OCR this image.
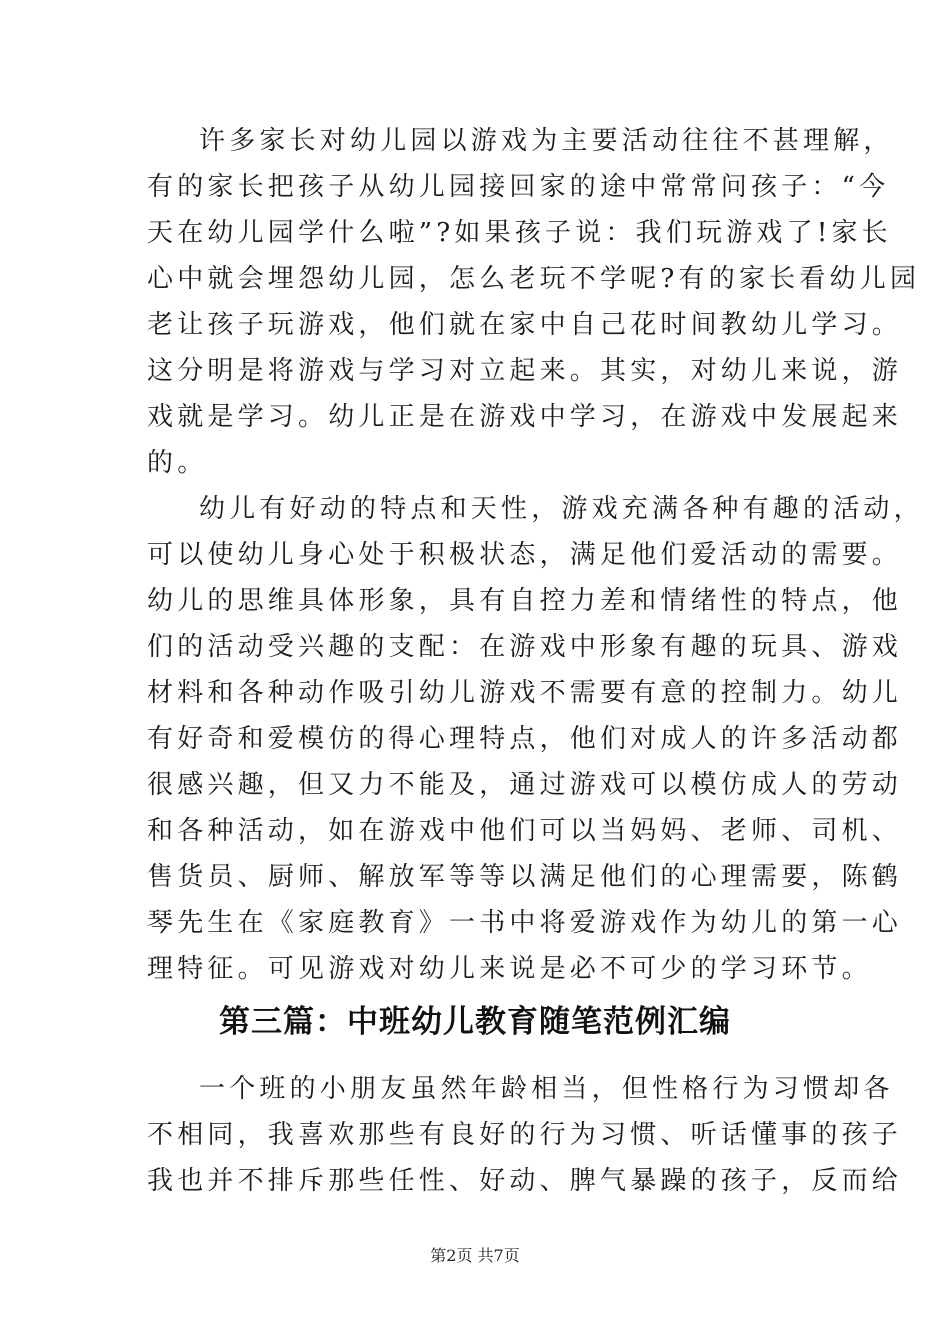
许多家长对幼儿园以游戏为主要活动往往不甚理解，

有的家长把孩子从幼儿园接回家的途中常常问孩子：“今

天在幼儿园学什么啦”?如果孩子说：我们玩游戏了!家长

心中就会埋怨幼儿园，怎么老玩不学呢?有的家长看幼儿园

老让孩子玩游戏，他们就在家中自己花时间教幼儿学习。

这分明是将游戏与学习对立起来。其实，对幼儿来说，游

戏就是学习。幼儿正是在游戏中学习，在游戏中发展起来

的。

幼儿有好动的特点和天性，游戏充满各种有趣的活动，

可以使幼儿身心处于积极状态，满足他们爱活动的需要。

幼儿的思维具体形象，具有自控力差和情绪性的特点，他

们的活动受兴趣的支配：在游戏中形象有趣的玩具、游戏

材料和各种动作吸引幼儿游戏不需要有意的控制力。幼儿

有好奇和爱模仿的得心理特点，他们对成人的许多活动都

很感兴趣，但又力不能及，通过游戏可以模仿成人的劳动

和各种活动，如在游戏中他们可以当妈妈、老师、司机、

售货员、厨师、解放军等等以满足他们的心理需要，陈鹤

琴先生在《家庭教育》一书中将爱游戏作为幼儿的第一心

理特征。可见游戏对幼儿来说是必不可少的学习环节。

第三篇：中班幼儿教育随笔范例汇编

一个班的小朋友虽然年龄相当，但性格行为习惯却各

不相同，我喜欢那些有良好的行为习惯、听话懂事的孩子

我也并不排斥那些任性、好动、脾气暴躁的孩子，反而给

第2页 共7页
